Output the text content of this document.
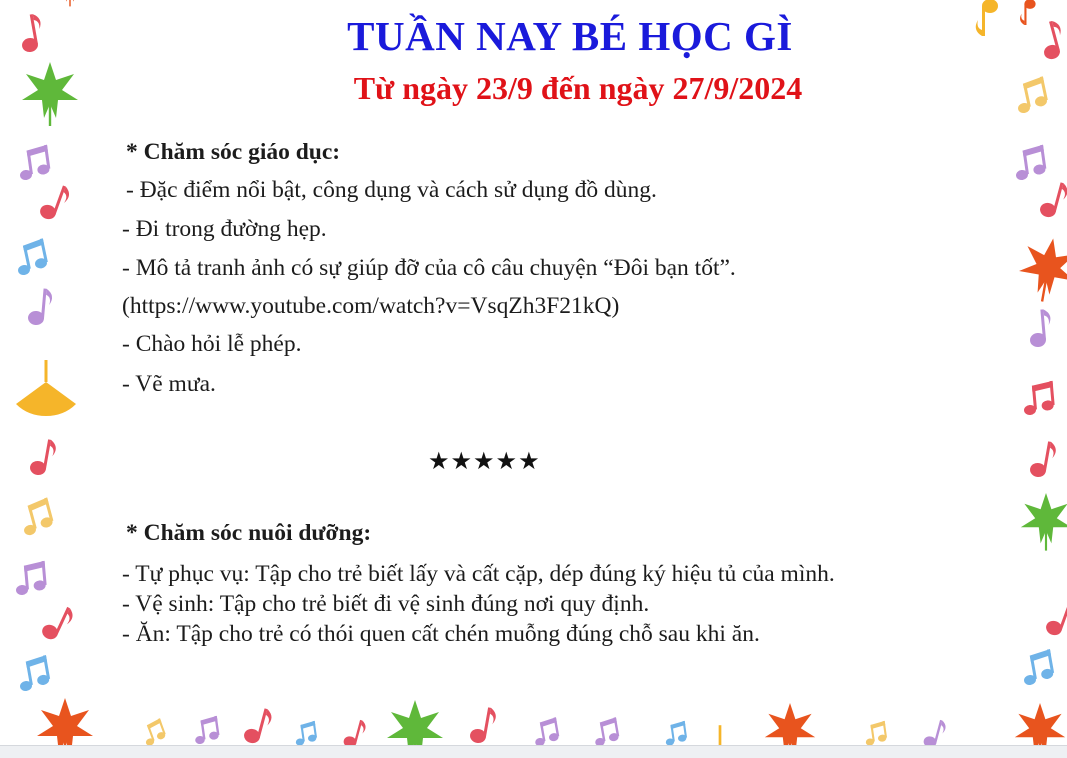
TUẦN NAY BÉ HỌC GÌ
Từ ngày 23/9 đến ngày 27/9/2024
* Chăm sóc giáo dục:
- Đặc điểm nổi bật, công dụng và cách sử dụng đồ dùng.
- Đi trong đường hẹp.
- Mô tả tranh ảnh có sự giúp đỡ của cô câu chuyện “Đôi bạn tốt”.
(https://www.youtube.com/watch?v=VsqZh3F21kQ)
- Chào hỏi lễ phép.
- Vẽ mưa.
★★★★★
* Chăm sóc nuôi dưỡng:
- Tự phục vụ: Tập cho trẻ biết lấy và cất cặp, dép đúng ký hiệu tủ của mình.
- Vệ sinh: Tập cho trẻ biết đi vệ sinh đúng nơi quy định.
- Ăn: Tập cho trẻ có thói quen cất chén muỗng đúng chỗ sau khi ăn.
